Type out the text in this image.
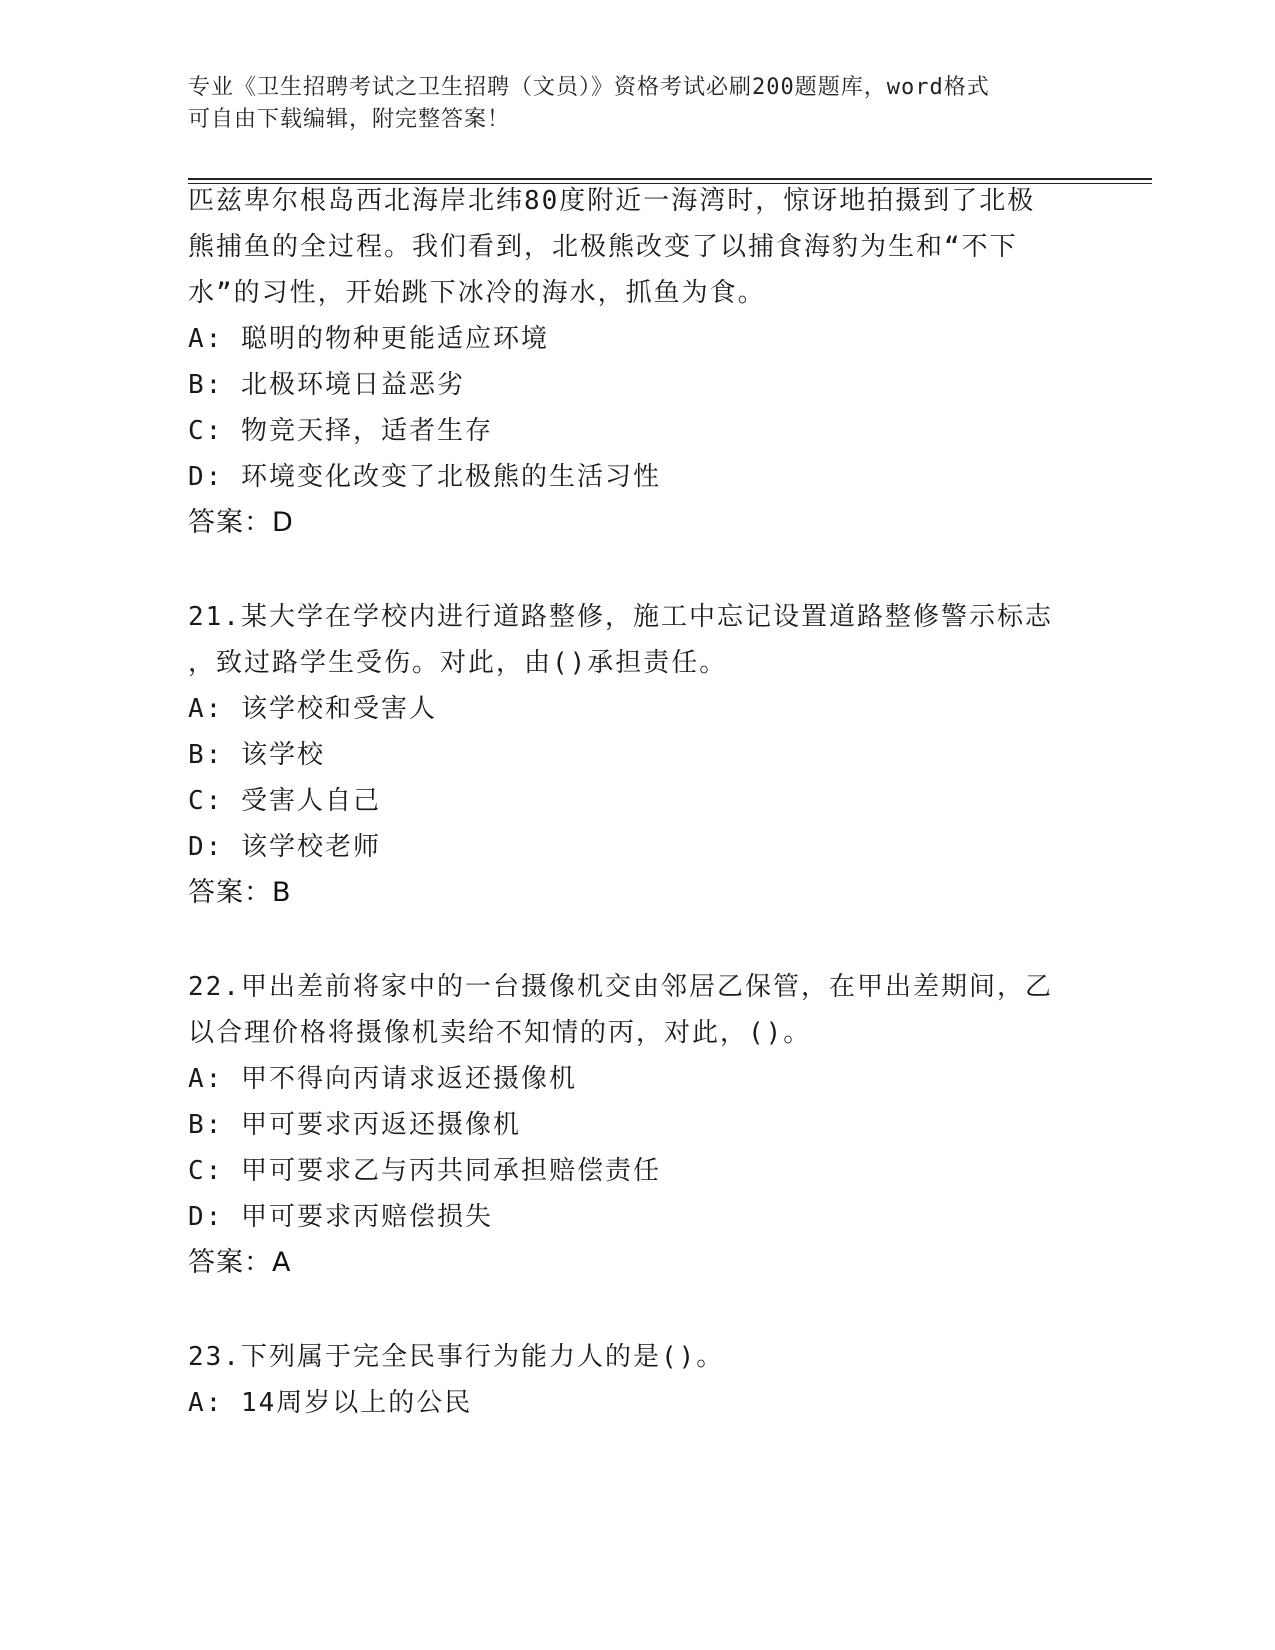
专业《卫生招聘考试之卫生招聘（文员）》资格考试必刷200题题库，word格式
可自由下载编辑，附完整答案！
匹兹卑尔根岛西北海岸北纬80度附近一海湾时，惊讶地拍摄到了北极
熊捕鱼的全过程。我们看到，北极熊改变了以捕食海豹为生和“不下
水”的习性，开始跳下冰冷的海水，抓鱼为食。
A: 聪明的物种更能适应环境
B: 北极环境日益恶劣
C: 物竞天择，适者生存
D: 环境变化改变了北极熊的生活习性
答案：D
21.某大学在学校内进行道路整修，施工中忘记设置道路整修警示标志
，致过路学生受伤。对此，由()承担责任。
A: 该学校和受害人
B: 该学校
C: 受害人自己
D: 该学校老师
答案：B
22.甲出差前将家中的一台摄像机交由邻居乙保管，在甲出差期间，乙
以合理价格将摄像机卖给不知情的丙，对此，()。
A: 甲不得向丙请求返还摄像机
B: 甲可要求丙返还摄像机
C: 甲可要求乙与丙共同承担赔偿责任
D: 甲可要求丙赔偿损失
答案：A
23.下列属于完全民事行为能力人的是()。
A: 14周岁以上的公民
